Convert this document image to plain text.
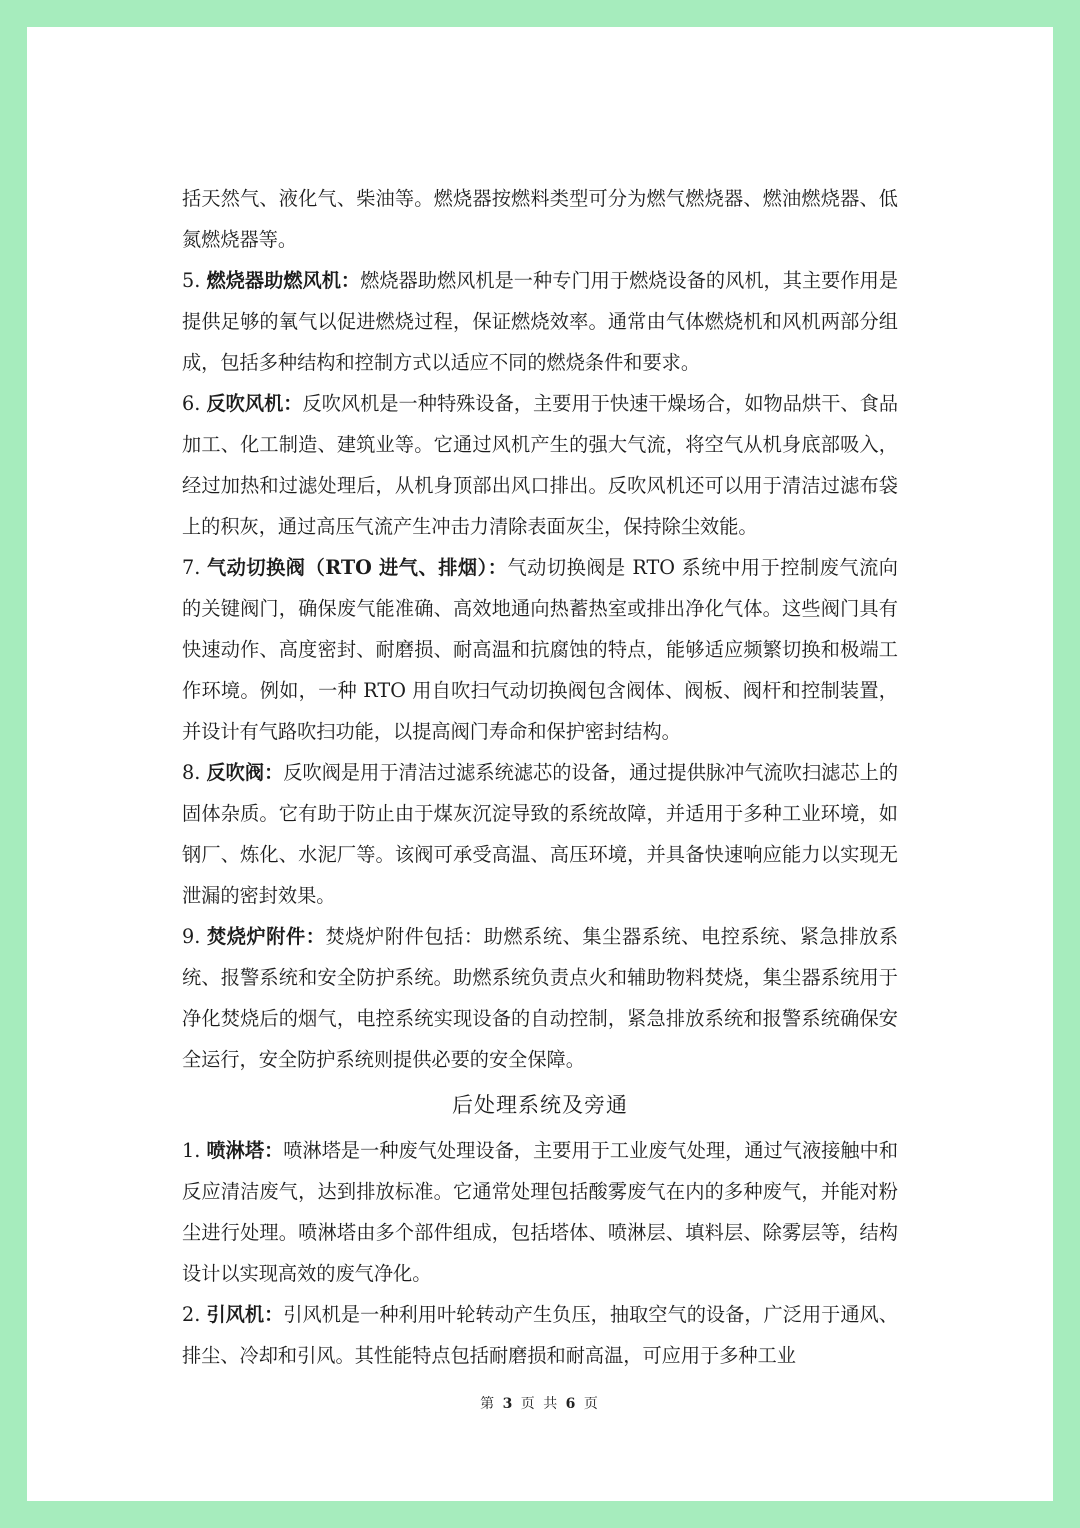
括天然气、液化气、柴油等。燃烧器按燃料类型可分为燃气燃烧器、燃油燃烧器、低氮燃烧器等。

5. 燃烧器助燃风机：燃烧器助燃风机是一种专门用于燃烧设备的风机，其主要作用是提供足够的氧气以促进燃烧过程，保证燃烧效率。通常由气体燃烧机和风机两部分组成，包括多种结构和控制方式以适应不同的燃烧条件和要求。

6. 反吹风机：反吹风机是一种特殊设备，主要用于快速干燥场合，如物品烘干、食品加工、化工制造、建筑业等。它通过风机产生的强大气流，将空气从机身底部吸入，经过加热和过滤处理后，从机身顶部出风口排出。反吹风机还可以用于清洁过滤布袋上的积灰，通过高压气流产生冲击力清除表面灰尘，保持除尘效能。

7. 气动切换阀（RTO 进气、排烟）：气动切换阀是 RTO 系统中用于控制废气流向的关键阀门，确保废气能准确、高效地通向热蓄热室或排出净化气体。这些阀门具有快速动作、高度密封、耐磨损、耐高温和抗腐蚀的特点，能够适应频繁切换和极端工作环境。例如，一种 RTO 用自吹扫气动切换阀包含阀体、阀板、阀杆和控制装置，并设计有气路吹扫功能，以提高阀门寿命和保护密封结构。

8. 反吹阀：反吹阀是用于清洁过滤系统滤芯的设备，通过提供脉冲气流吹扫滤芯上的固体杂质。它有助于防止由于煤灰沉淀导致的系统故障，并适用于多种工业环境，如钢厂、炼化、水泥厂等。该阀可承受高温、高压环境，并具备快速响应能力以实现无泄漏的密封效果。

9. 焚烧炉附件：焚烧炉附件包括：助燃系统、集尘器系统、电控系统、紧急排放系统、报警系统和安全防护系统。助燃系统负责点火和辅助物料焚烧，集尘器系统用于净化焚烧后的烟气，电控系统实现设备的自动控制，紧急排放系统和报警系统确保安全运行，安全防护系统则提供必要的安全保障。

后处理系统及旁通

1. 喷淋塔：喷淋塔是一种废气处理设备，主要用于工业废气处理，通过气液接触中和反应清洁废气，达到排放标准。它通常处理包括酸雾废气在内的多种废气，并能对粉尘进行处理。喷淋塔由多个部件组成，包括塔体、喷淋层、填料层、除雾层等，结构设计以实现高效的废气净化。

2. 引风机：引风机是一种利用叶轮转动产生负压，抽取空气的设备，广泛用于通风、排尘、冷却和引风。其性能特点包括耐磨损和耐高温，可应用于多种工业

第 3 页 共 6 页
